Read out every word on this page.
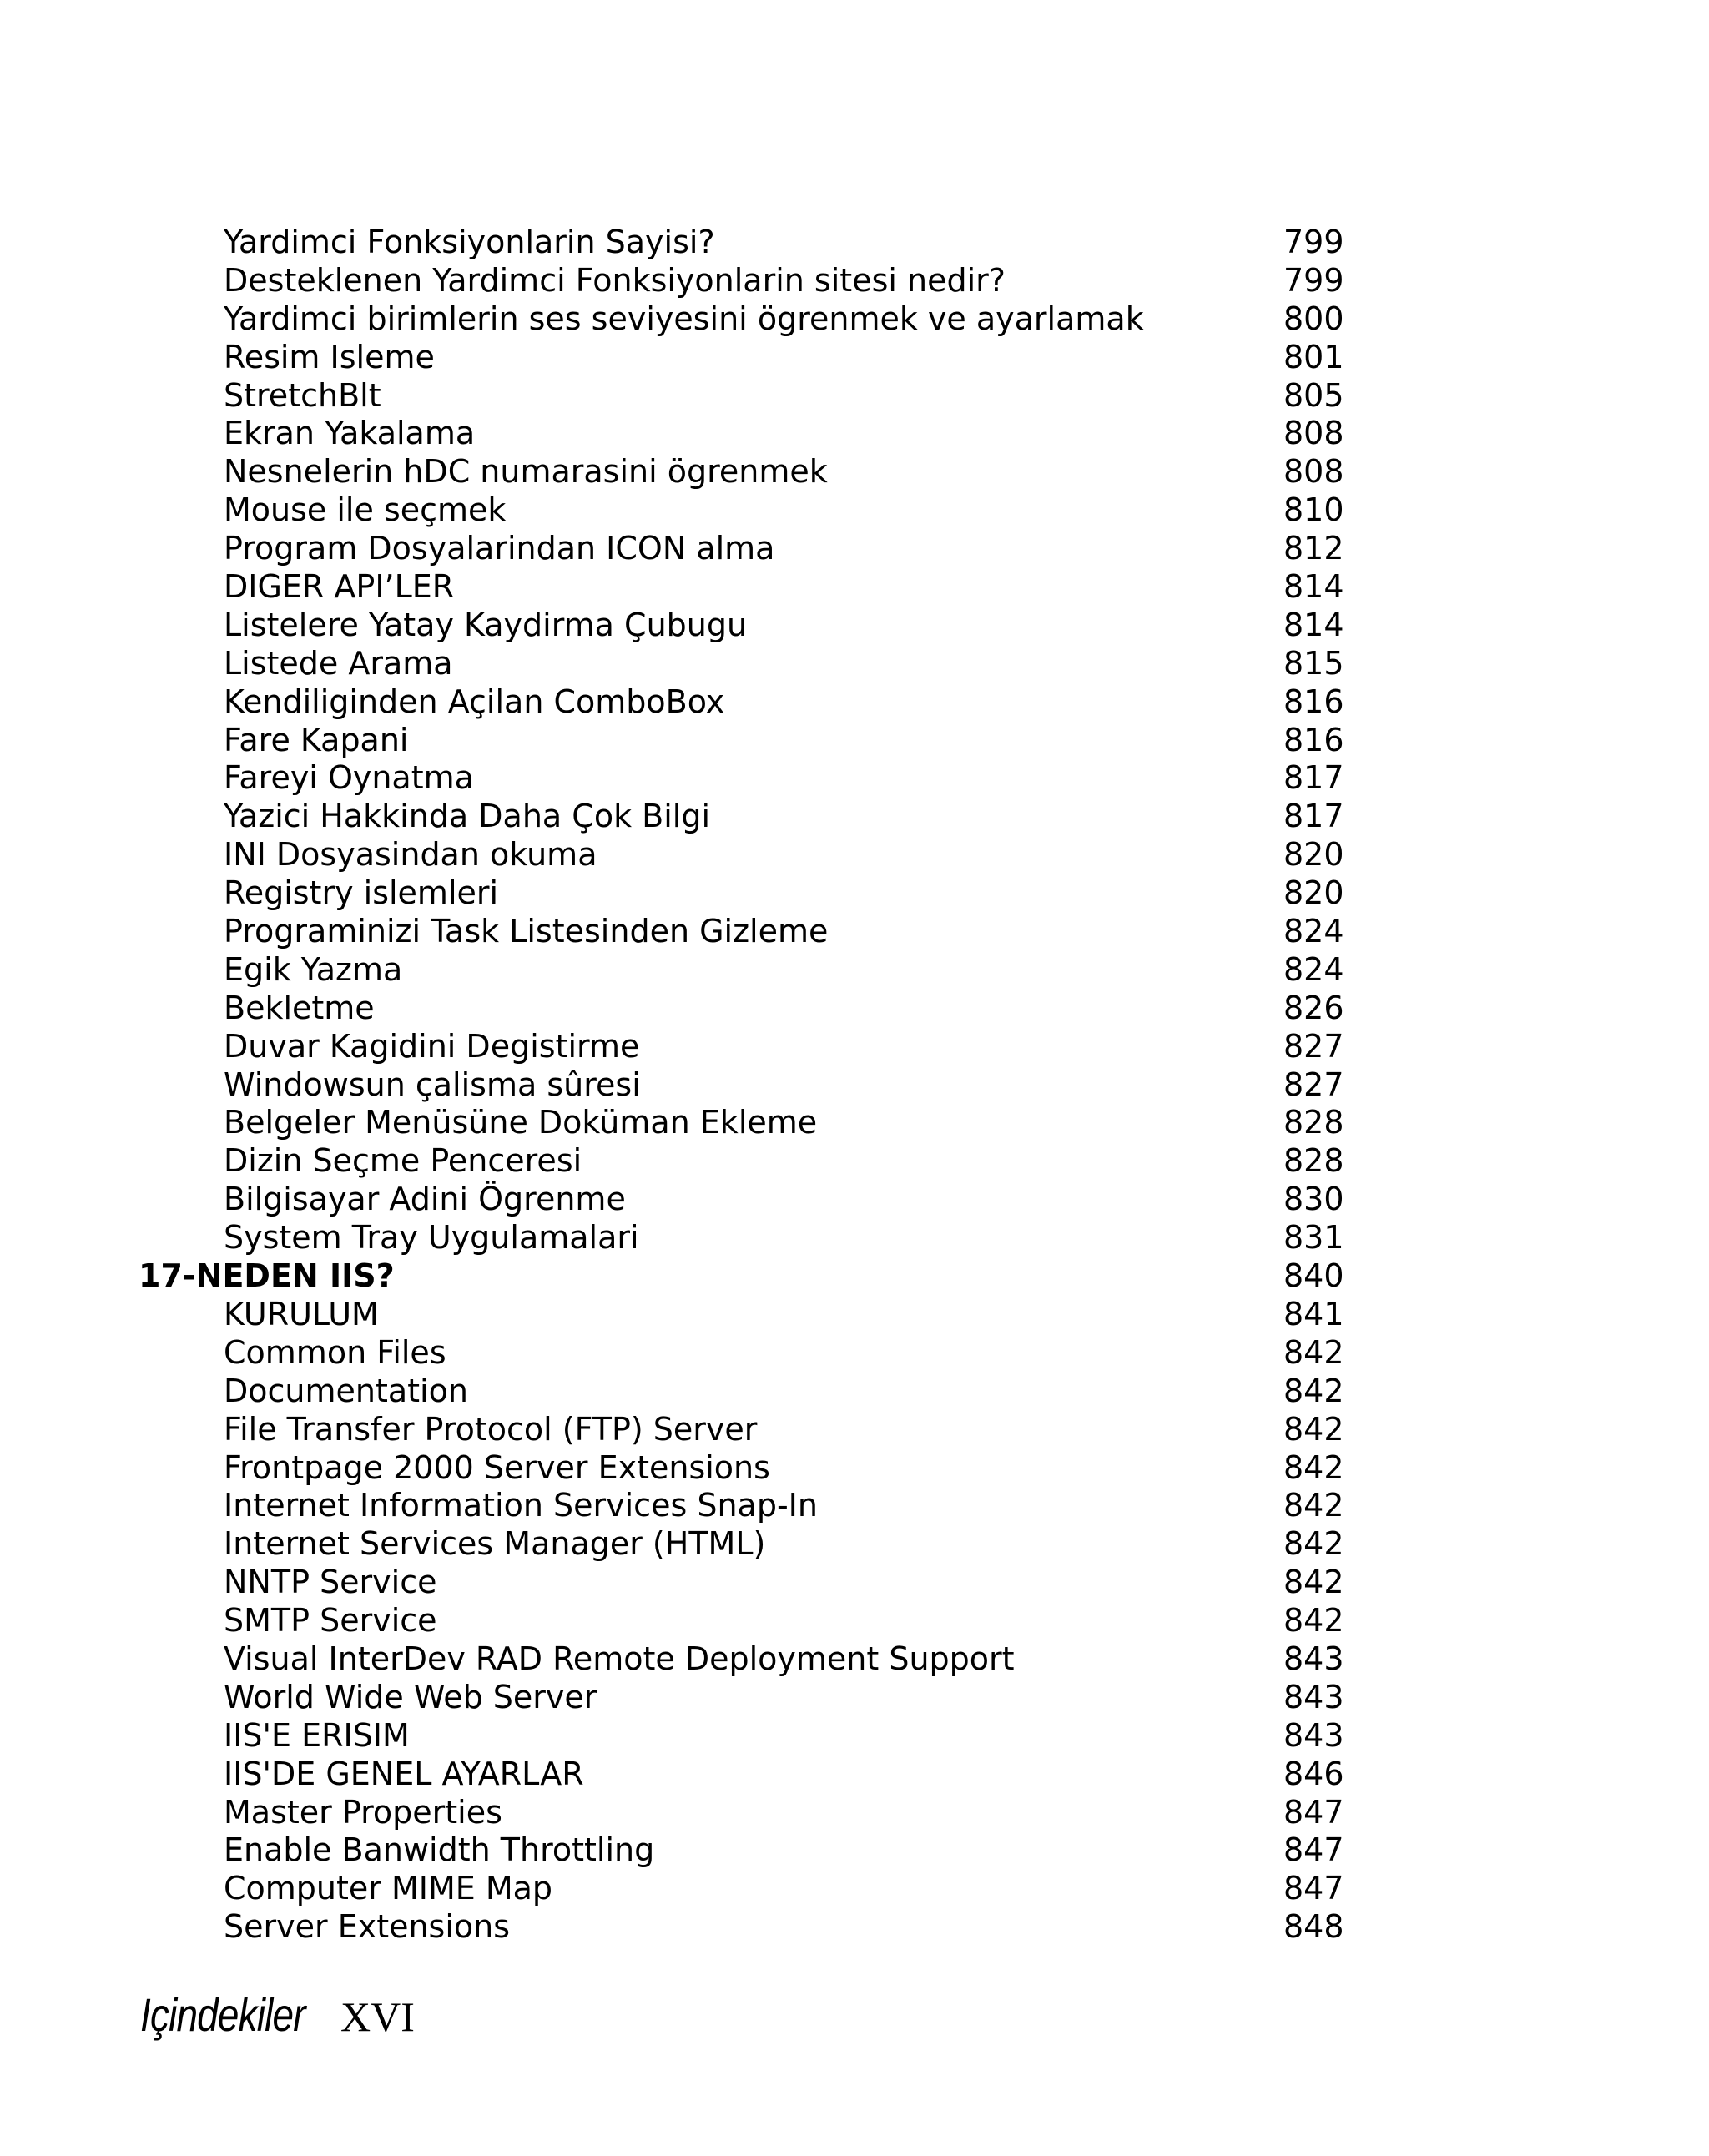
Yardimci Fonksiyonlarin Sayisi?	799
Desteklenen Yardimci Fonksiyonlarin sitesi nedir?	799
Yardimci birimlerin ses seviyesini ögrenmek ve ayarlamak	800
Resim Isleme	801
StretchBlt	805
Ekran Yakalama	808
Nesnelerin hDC numarasini ögrenmek	808
Mouse ile seçmek	810
Program Dosyalarindan ICON alma	812
DIGER API’LER	814
Listelere Yatay Kaydirma Çubugu	814
Listede Arama	815
Kendiliginden Açilan ComboBox	816
Fare Kapani	816
Fareyi Oynatma	817
Yazici Hakkinda Daha Çok Bilgi	817
INI Dosyasindan okuma	820
Registry islemleri	820
Programinizi Task Listesinden Gizleme	824
Egik Yazma	824
Bekletme	826
Duvar Kagidini Degistirme	827
Windowsun çalisma sûresi	827
Belgeler Menüsüne Doküman Ekleme	828
Dizin Seçme Penceresi	828
Bilgisayar Adini Ögrenme	830
System Tray Uygulamalari	831
17-NEDEN IIS?	840
KURULUM	841
Common Files	842
Documentation	842
File Transfer Protocol (FTP) Server	842
Frontpage 2000 Server Extensions	842
Internet Information Services Snap-In	842
Internet Services Manager (HTML)	842
NNTP Service	842
SMTP Service	842
Visual InterDev RAD Remote Deployment Support	843
World Wide Web Server	843
IIS'E ERISIM	843
IIS'DE GENEL AYARLAR	846
Master Properties	847
Enable Banwidth Throttling	847
Computer MIME Map	847
Server Extensions	848
Içindekiler XVI
